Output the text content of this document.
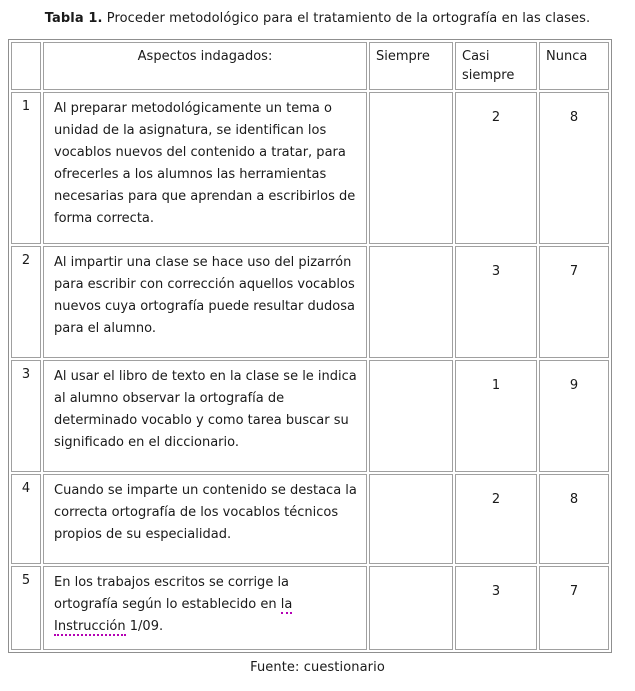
Tabla 1. Proceder metodológico para el tratamiento de la ortografía en las clases.

	Aspectos indagados:	Siempre	Casi siempre	Nunca
1	Al preparar metodológicamente un tema o unidad de la asignatura, se identifican los vocablos nuevos del contenido a tratar, para ofrecerles a los alumnos las herramientas necesarias para que aprendan a escribirlos de forma correcta.		2	8
2	Al impartir una clase se hace uso del pizarrón para escribir con corrección aquellos vocablos nuevos cuya ortografía puede resultar dudosa para el alumno.		3	7
3	Al usar el libro de texto en la clase se le indica al alumno observar la ortografía de determinado vocablo y como tarea buscar su significado en el diccionario.		1	9
4	Cuando se imparte un contenido se destaca la correcta ortografía de los vocablos técnicos propios de su especialidad.		2	8
5	En los trabajos escritos se corrige la ortografía según lo establecido en la Instrucción 1/09.		3	7

Fuente: cuestionario
